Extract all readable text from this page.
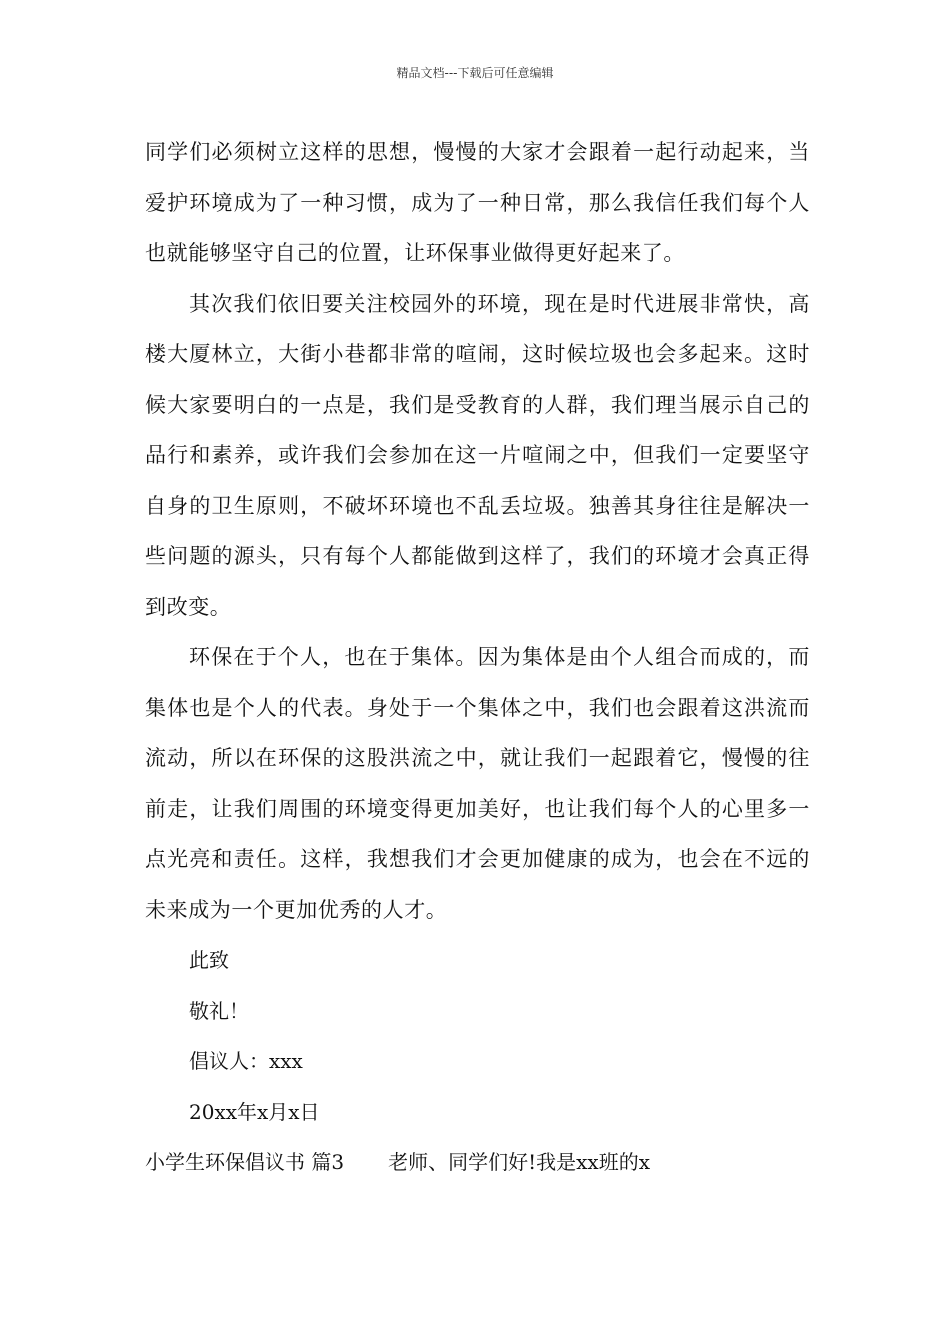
精品文档---下载后可任意编辑

同学们必须树立这样的思想，慢慢的大家才会跟着一起行动起来，当爱护环境成为了一种习惯，成为了一种日常，那么我信任我们每个人也就能够坚守自己的位置，让环保事业做得更好起来了。

其次我们依旧要关注校园外的环境，现在是时代进展非常快，高楼大厦林立，大街小巷都非常的喧闹，这时候垃圾也会多起来。这时候大家要明白的一点是，我们是受教育的人群，我们理当展示自己的品行和素养，或许我们会参加在这一片喧闹之中，但我们一定要坚守自身的卫生原则，不破坏环境也不乱丢垃圾。独善其身往往是解决一些问题的源头，只有每个人都能做到这样了，我们的环境才会真正得到改变。

环保在于个人，也在于集体。因为集体是由个人组合而成的，而集体也是个人的代表。身处于一个集体之中，我们也会跟着这洪流而流动，所以在环保的这股洪流之中，就让我们一起跟着它，慢慢的往前走，让我们周围的环境变得更加美好，也让我们每个人的心里多一点光亮和责任。这样，我想我们才会更加健康的成为，也会在不远的未来成为一个更加优秀的人才。

此致

敬礼！

倡议人：xxx

20xx年x月x日

小学生环保倡议书 篇3 老师、同学们好!我是xx班的x
